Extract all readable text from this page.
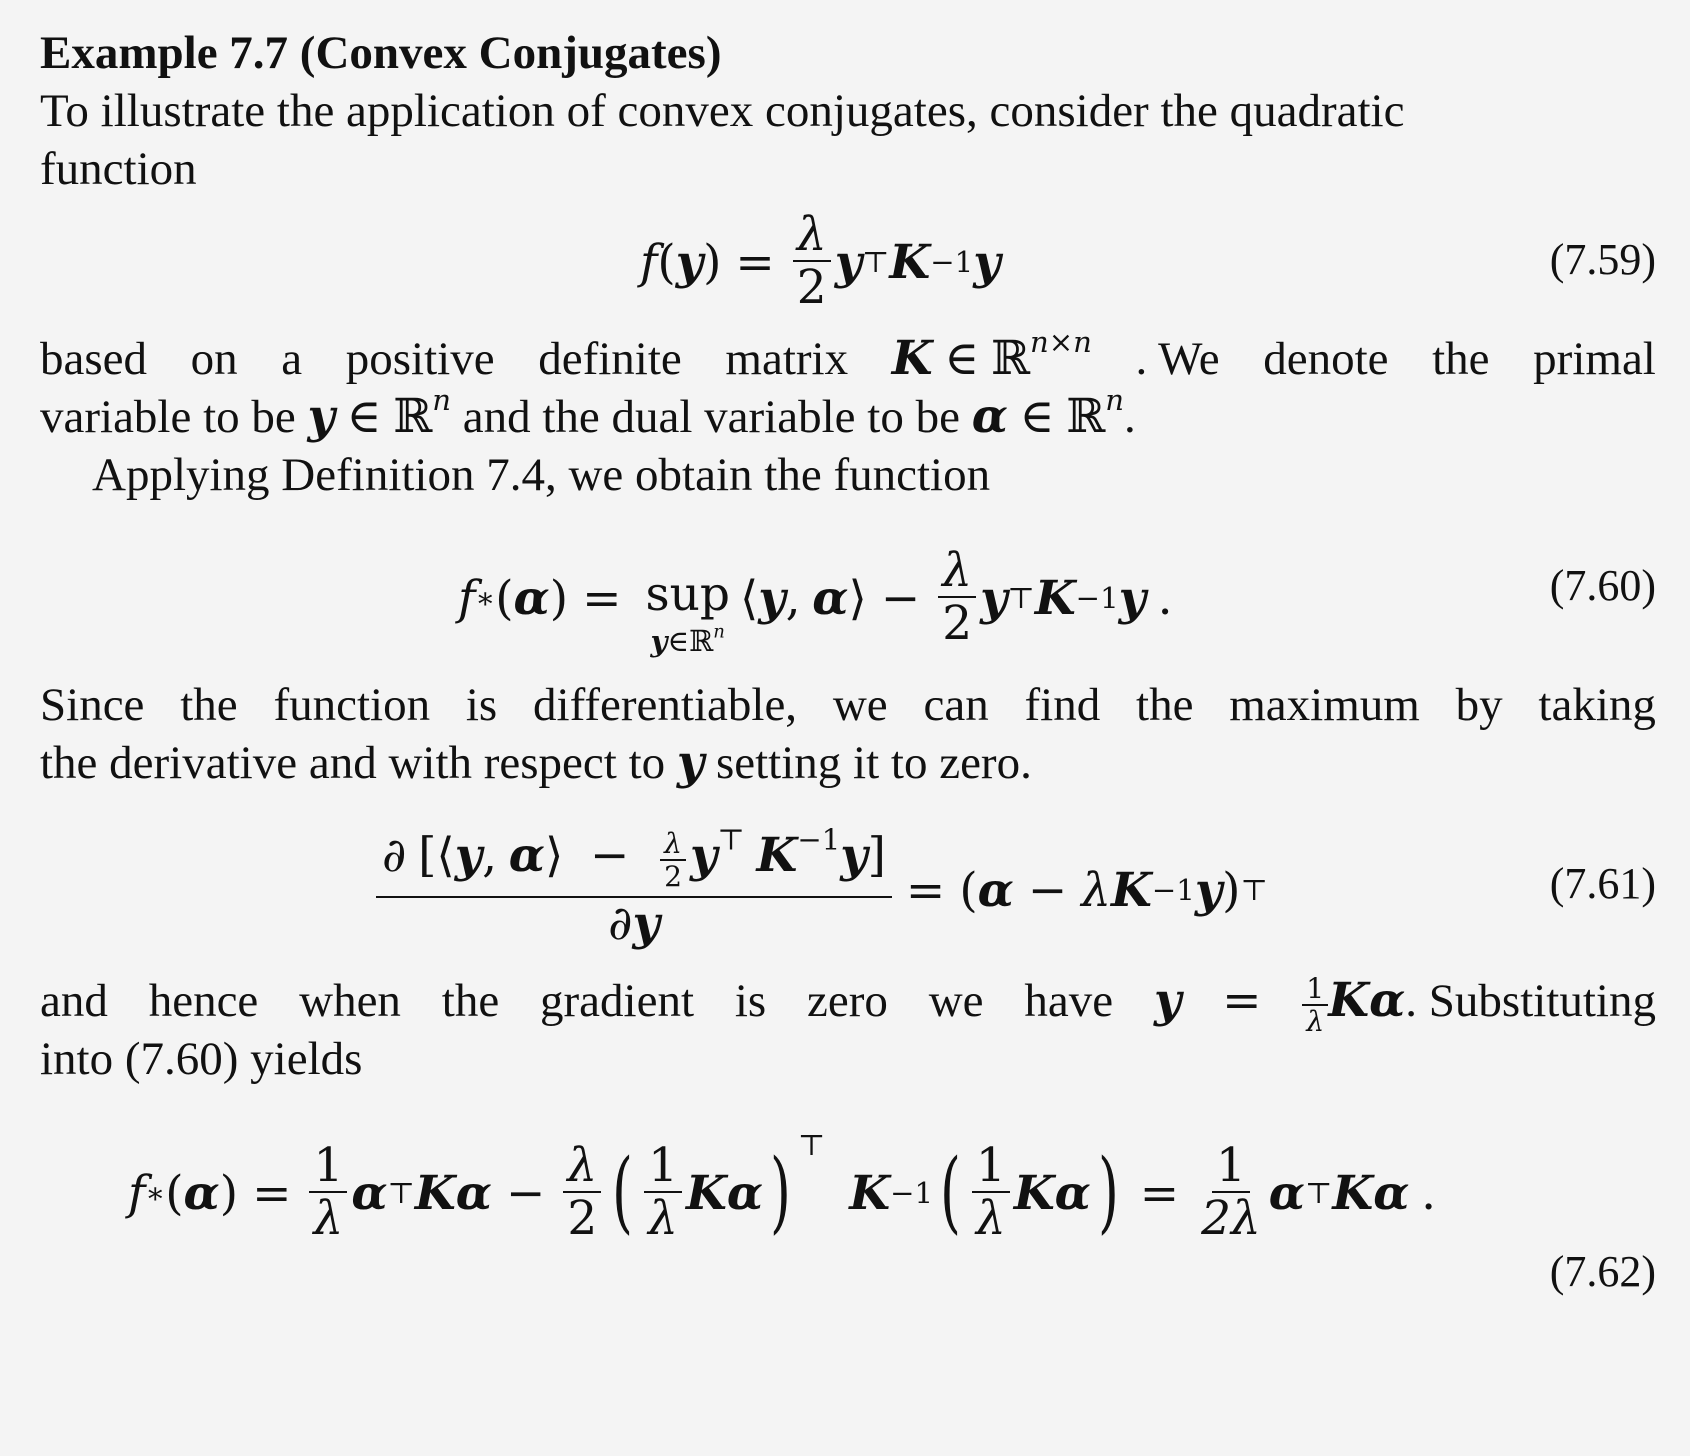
Example 7.7 (Convex Conjugates)
To illustrate the application of convex conjugates, consider the quadratic
function
f ( y ) = $\frac{\lambda}{2}$ y ⊤ K −1 y	(7.59)
based on a positive definite matrix K ∈ ℝ$^{n\times n}$ . We denote the primal
variable to be y ∈ ℝ$^n$ and the dual variable to be α ∈ ℝ$^n$.
Applying Definition 7.4, we obtain the function
f ∗ ( α ) = sup
y∈ℝ$^n$
⟨ y ,
α ⟩ − $\frac{\lambda}{2}$ y ⊤ K −1 y
.	(7.60)
Since the function is differentiable, we can find the maximum by taking
the derivative and with respect to y setting it to zero.
$\frac{\partial [⟨y, \alpha⟩ - \frac{\lambda}{2} y^⊤ K^{-1}y]}{\partial y}$ = ( α − λ K −1 y ) ⊤	(7.61)
and hence when the gradient is zero we have $y = \frac{1}{\lambda} K\alpha$. Substituting
into (7.60) yields
f ∗ ( α ) = $\frac{1}{\lambda}$ α ⊤ K $\alpha - \frac{\lambda}{2}$ ( $\frac{1}{\lambda}$ K α ) ⊤
K −1 ( $\frac{1}{\lambda}$ K α ) = $\frac{1}{2\lambda}$ α ⊤ K α
.
(7.62)
